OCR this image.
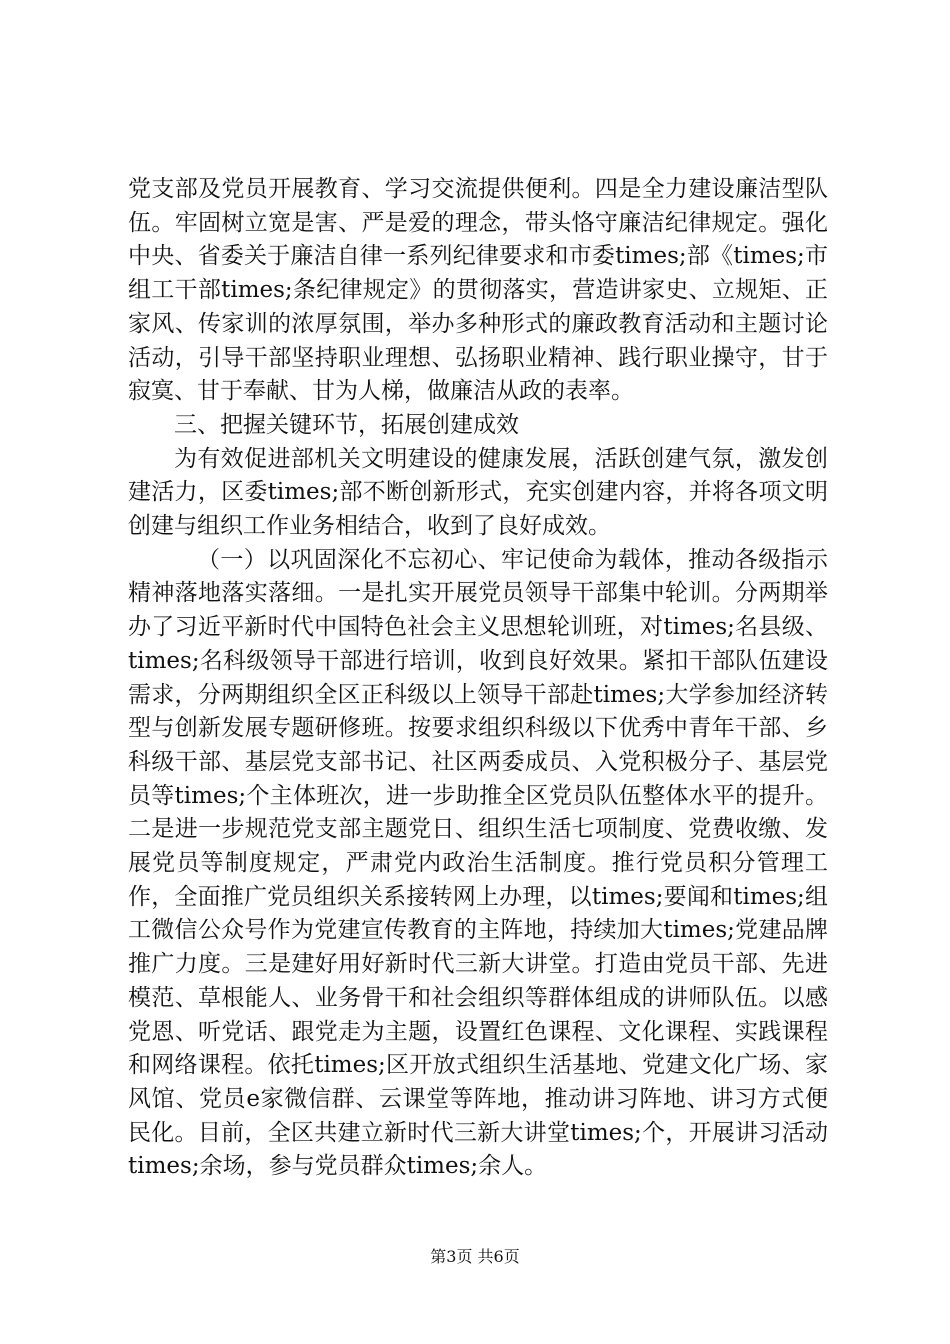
党支部及党员开展教育、学习交流提供便利。四是全力建设廉洁型队伍。牢固树立宽是害、严是爱的理念，带头恪守廉洁纪律规定。强化中央、省委关于廉洁自律一系列纪律要求和市委times;部《times;市组工干部times;条纪律规定》的贯彻落实，营造讲家史、立规矩、正家风、传家训的浓厚氛围，举办多种形式的廉政教育活动和主题讨论活动，引导干部坚持职业理想、弘扬职业精神、践行职业操守，甘于寂寞、甘于奉献、甘为人梯，做廉洁从政的表率。

三、把握关键环节，拓展创建成效

为有效促进部机关文明建设的健康发展，活跃创建气氛，激发创建活力，区委times;部不断创新形式，充实创建内容，并将各项文明创建与组织工作业务相结合，收到了良好成效。

（一）以巩固深化不忘初心、牢记使命为载体，推动各级指示精神落地落实落细。一是扎实开展党员领导干部集中轮训。分两期举办了习近平新时代中国特色社会主义思想轮训班，对times;名县级、times;名科级领导干部进行培训，收到良好效果。紧扣干部队伍建设需求，分两期组织全区正科级以上领导干部赴times;大学参加经济转型与创新发展专题研修班。按要求组织科级以下优秀中青年干部、乡科级干部、基层党支部书记、社区两委成员、入党积极分子、基层党员等times;个主体班次，进一步助推全区党员队伍整体水平的提升。二是进一步规范党支部主题党日、组织生活七项制度、党费收缴、发展党员等制度规定，严肃党内政治生活制度。推行党员积分管理工作，全面推广党员组织关系接转网上办理，以times;要闻和times;组工微信公众号作为党建宣传教育的主阵地，持续加大times;党建品牌推广力度。三是建好用好新时代三新大讲堂。打造由党员干部、先进模范、草根能人、业务骨干和社会组织等群体组成的讲师队伍。以感党恩、听党话、跟党走为主题，设置红色课程、文化课程、实践课程和网络课程。依托times;区开放式组织生活基地、党建文化广场、家风馆、党员e家微信群、云课堂等阵地，推动讲习阵地、讲习方式便民化。目前，全区共建立新时代三新大讲堂times;个，开展讲习活动times;余场，参与党员群众times;余人。

第3页 共6页
